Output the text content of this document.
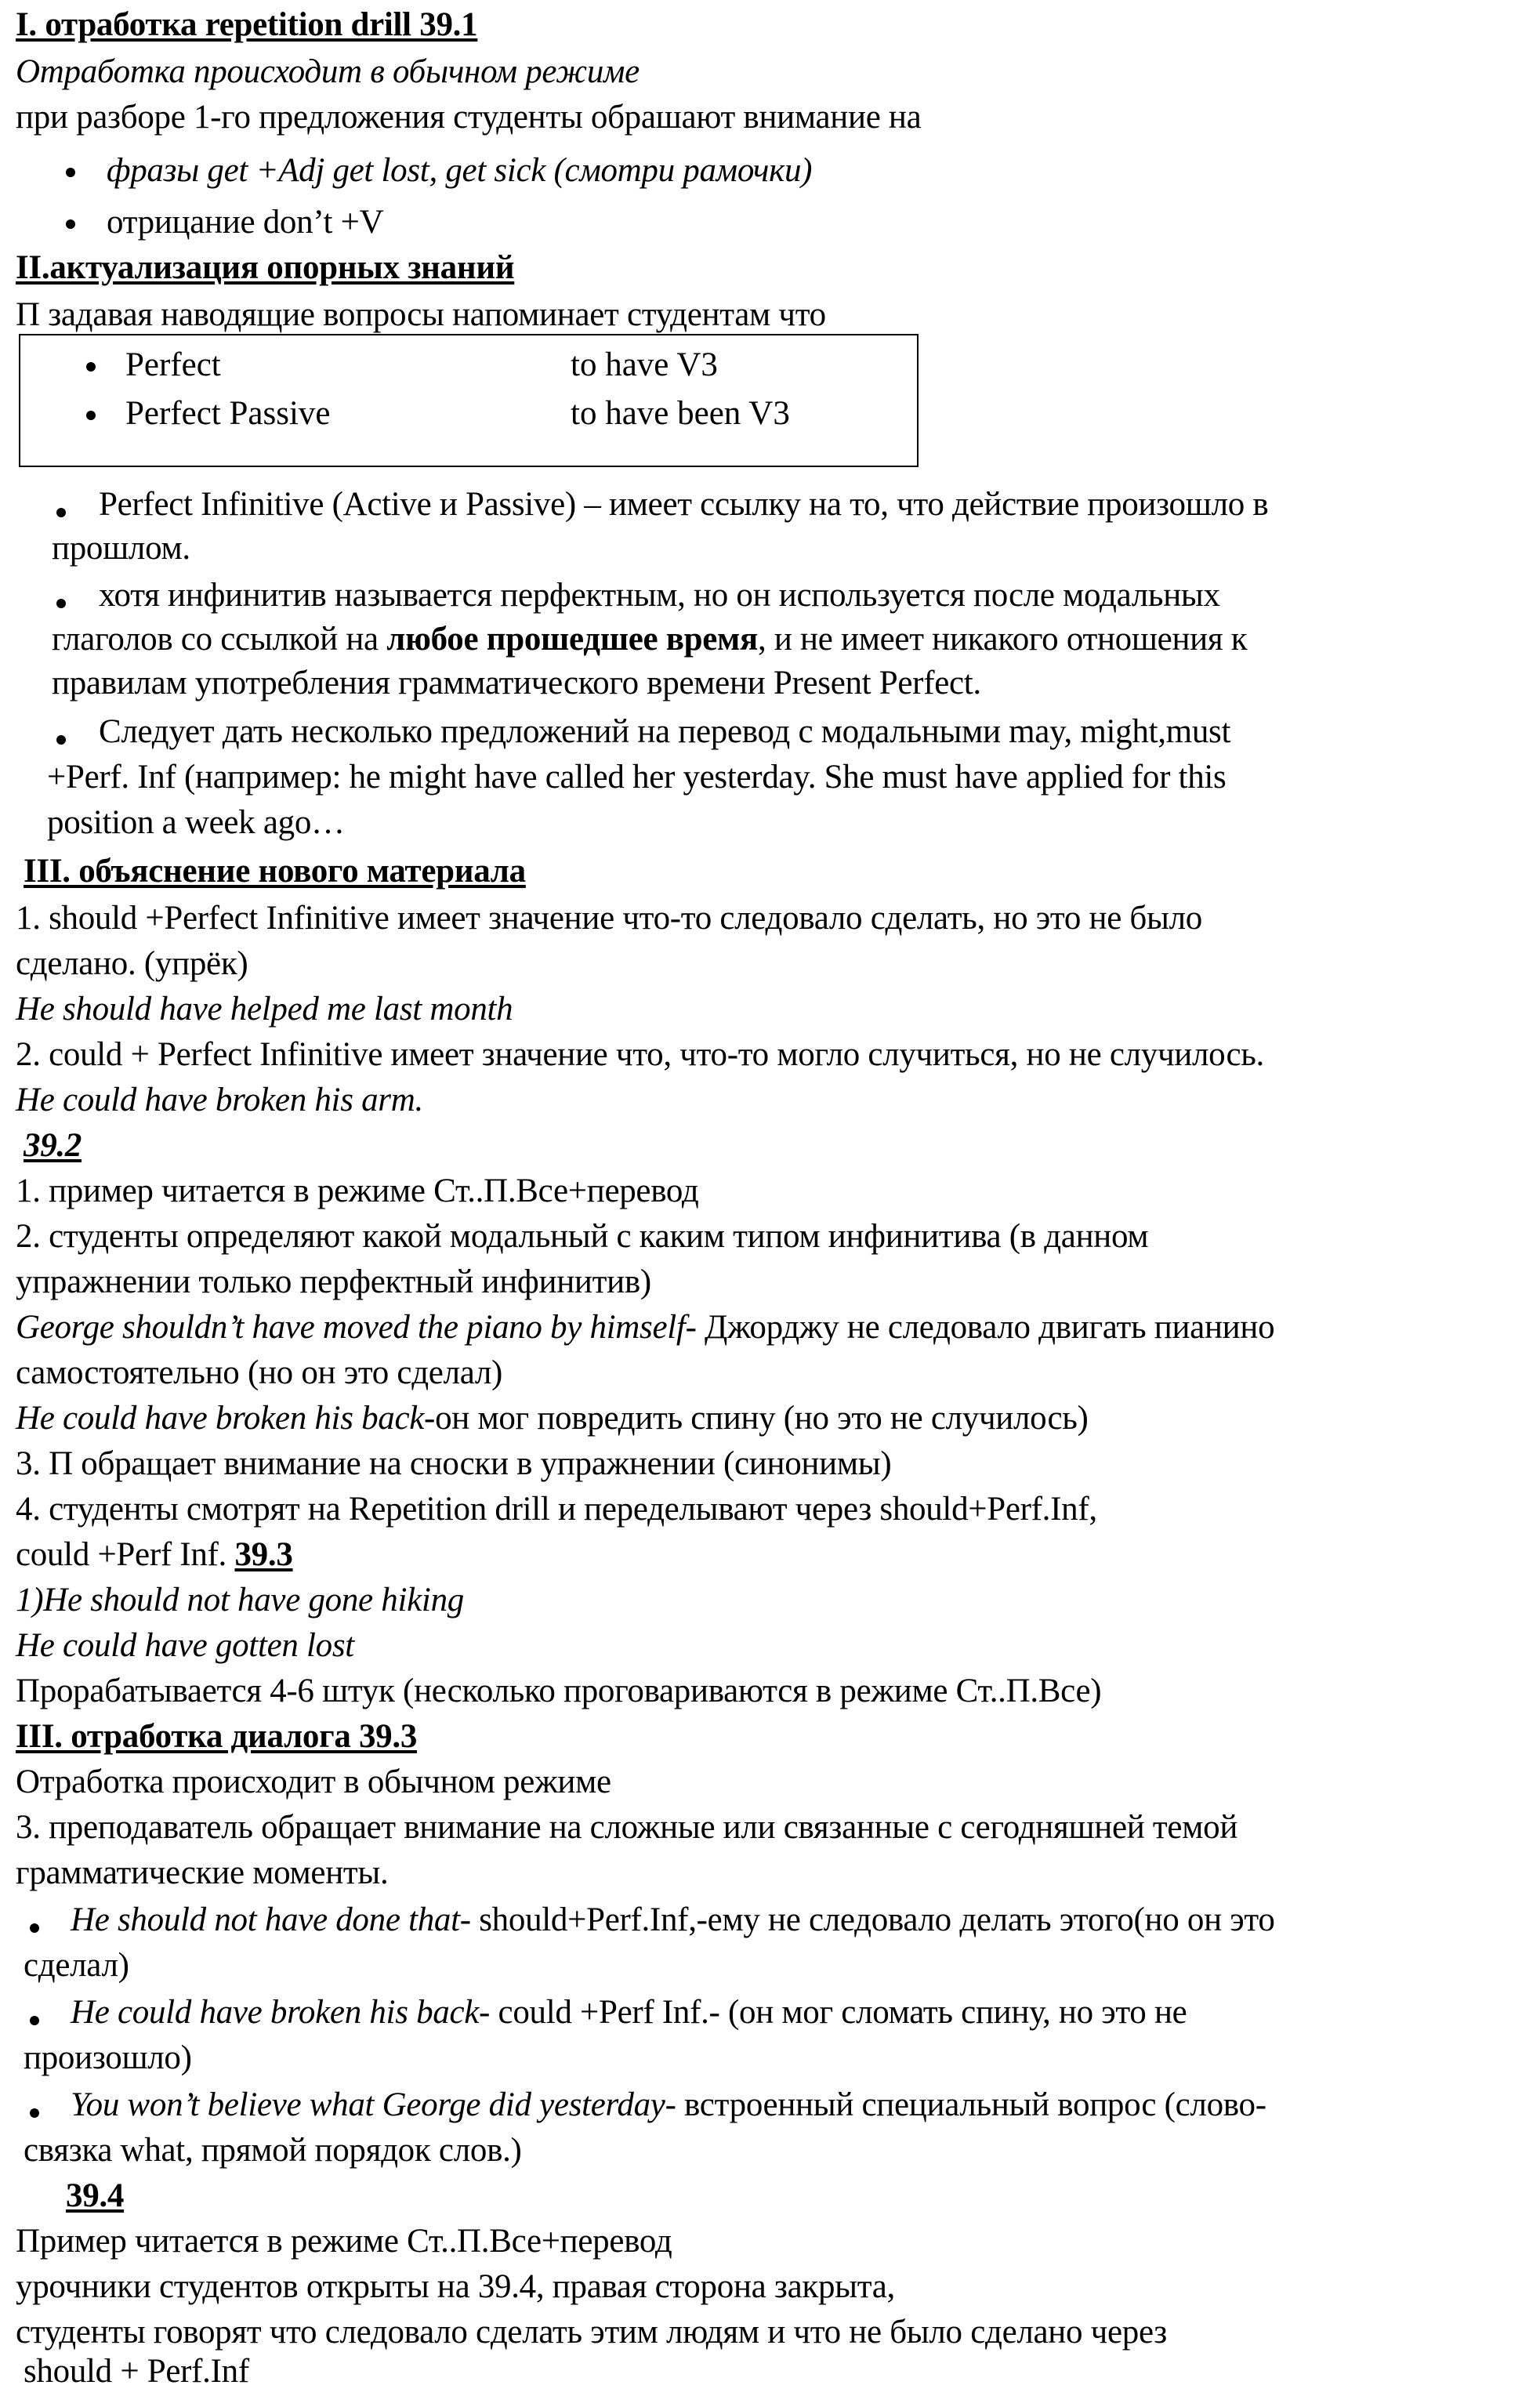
I. отработка repetition drill 39.1
Отработка происходит в обычном режиме
при разборе 1-го предложения студенты обрашают внимание на
фразы get +Adj get lost, get sick (смотри рамочки)
отрицание don’t +V
II.актуализация опорных знаний
П задавая наводящие вопросы напоминает студентам что
Perfect	to have V3
Perfect Passive	to have been V3
Perfect Infinitive (Active и Passive) – имеет ссылку на то, что действие произошло в
прошлом.
хотя инфинитив называется перфектным, но он используется после модальных
глаголов со ссылкой на любое прошедшее время, и не имеет никакого отношения к
правилам употребления грамматического времени Present Perfect.
Следует дать несколько предложений на перевод с модальными may, might,must
+Perf. Inf (например: he might have called her yesterday. She must have applied for this
position a week ago…
III. объяснение нового материала
1. should +Perfect Infinitive имеет значение что-то следовало сделать, но это не было
сделано. (упрёк)
He should have helped me last month
2. could + Perfect Infinitive имеет значение что, что-то могло случиться, но не случилось.
He could have broken his arm.
39.2
1. пример читается в режиме Ст..П.Все+перевод
2. студенты определяют какой модальный с каким типом инфинитива (в данном
упражнении только перфектный инфинитив)
George shouldn’t have moved the piano by himself- Джорджу не следовало двигать пианино
самостоятельно (но он это сделал)
He could have broken his back-он мог повредить спину (но это не случилось)
3. П обращает внимание на сноски в упражнении (синонимы)
4. студенты смотрят на Repetition drill и переделывают через should+Perf.Inf,
could +Perf Inf. 39.3
1)He should not have gone hiking
He could have gotten lost
Прорабатывается 4-6 штук (несколько проговариваются в режиме Ст..П.Все)
III. отработка диалога 39.3
Отработка происходит в обычном режиме
3. преподаватель обращает внимание на сложные или связанные с сегодняшней темой
грамматические моменты.
He should not have done that- should+Perf.Inf,-ему не следовало делать этого(но он это
сделал)
He could have broken his back- could +Perf Inf.- (он мог сломать спину, но это не
произошло)
You won’t believe what George did yesterday- встроенный специальный вопрос (слово-
связка what, прямой порядок слов.)
39.4
Пример читается в режиме Ст..П.Все+перевод
урочники студентов открыты на 39.4, правая сторона закрыта,
студенты говорят что следовало сделать этим людям и что не было сделано через
should + Perf.Inf
